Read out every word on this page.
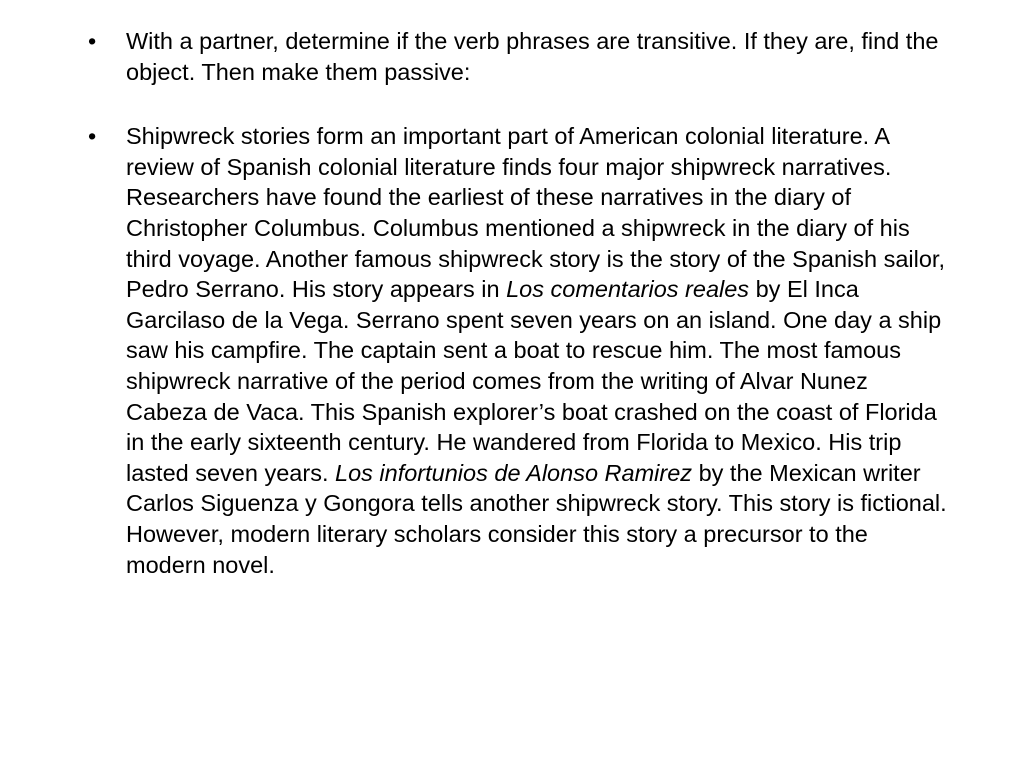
• With a partner, determine if the verb phrases are transitive. If they are, find the object. Then make them passive:
• Shipwreck stories form an important part of American colonial literature. A review of Spanish colonial literature finds four major shipwreck narratives. Researchers have found the earliest of these narratives in the diary of Christopher Columbus. Columbus mentioned a shipwreck in the diary of his third voyage. Another famous shipwreck story is the story of the Spanish sailor, Pedro Serrano. His story appears in Los comentarios reales by El Inca Garcilaso de la Vega. Serrano spent seven years on an island. One day a ship saw his campfire. The captain sent a boat to rescue him. The most famous shipwreck narrative of the period comes from the writing of Alvar Nunez Cabeza de Vaca. This Spanish explorer’s boat crashed on the coast of Florida in the early sixteenth century. He wandered from Florida to Mexico. His trip lasted seven years. Los infortunios de Alonso Ramirez by the Mexican writer Carlos Siguenza y Gongora tells another shipwreck story. This story is fictional. However, modern literary scholars consider this story a precursor to the modern novel.
